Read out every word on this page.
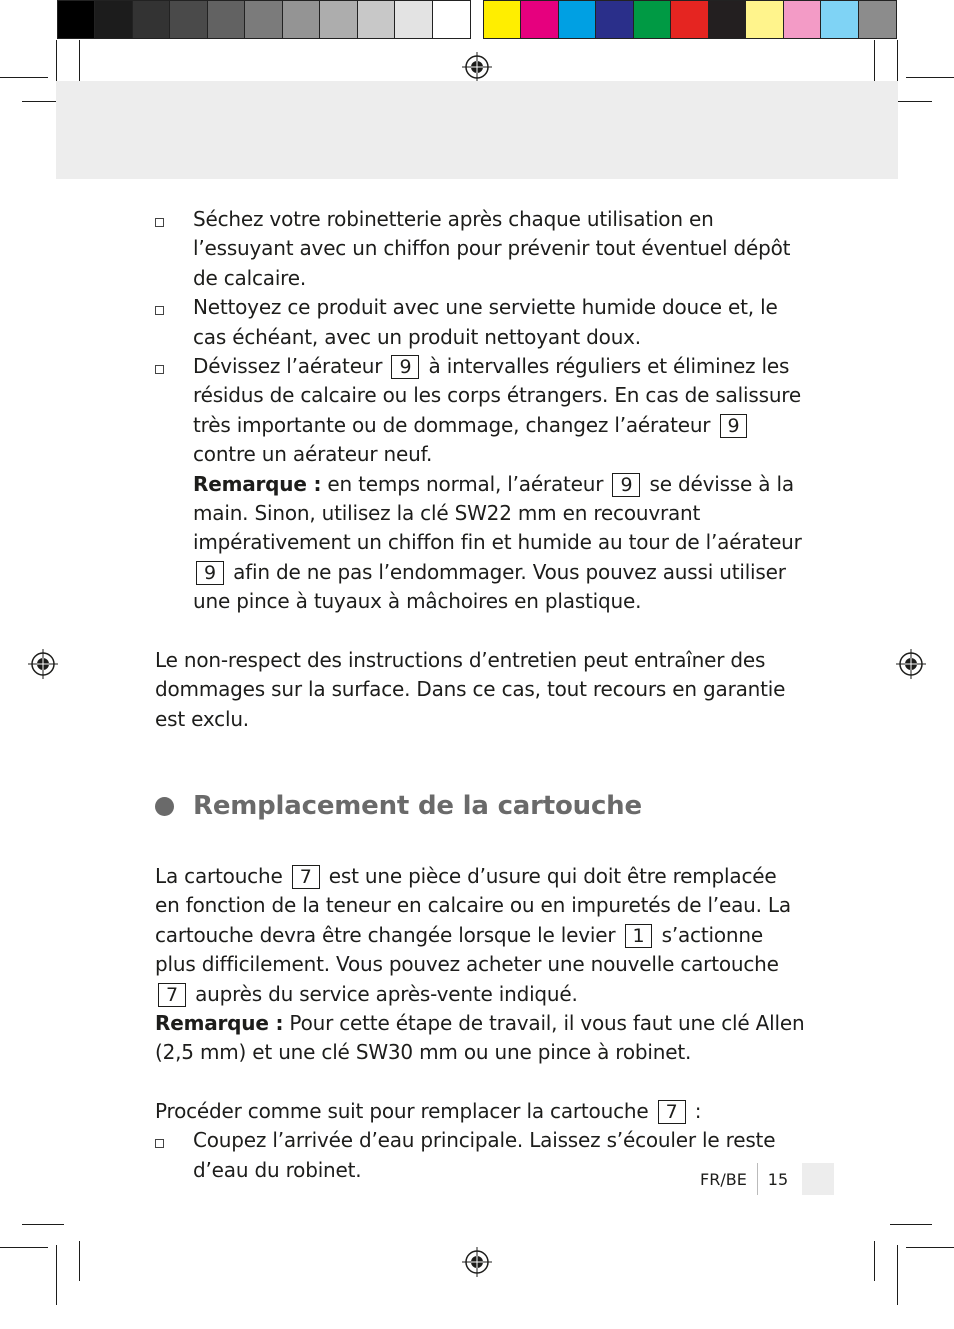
Séchez votre robinetterie après chaque utilisation en l’essuyant avec un chiffon pour prévenir tout éventuel dépôt de calcaire.
Nettoyez ce produit avec une serviette humide douce et, le cas échéant, avec un produit nettoyant doux.
Dévissez l’aérateur 9 à intervalles réguliers et éliminez les résidus de calcaire ou les corps étrangers. En cas de salissure très importante ou de dommage, changez l’aérateur 9 contre un aérateur neuf.
Remarque : en temps normal, l’aérateur 9 se dévisse à la main. Sinon, utilisez la clé SW22 mm en recouvrant impérativement un chiffon fin et humide au tour de l’aérateur 9 afin de ne pas l’endommager. Vous pouvez aussi utiliser une pince à tuyaux à mâchoires en plastique.
Le non-respect des instructions d’entretien peut entraîner des dommages sur la surface. Dans ce cas, tout recours en garantie est exclu.
Remplacement de la cartouche
La cartouche 7 est une pièce d’usure qui doit être remplacée en fonction de la teneur en calcaire ou en impuretés de l’eau. La cartouche devra être changée lorsque le levier 1 s’actionne plus difficilement. Vous pouvez acheter une nouvelle cartouche 7 auprès du service après-vente indiqué.
Remarque : Pour cette étape de travail, il vous faut une clé Allen (2,5 mm) et une clé SW30 mm ou une pince à robinet.
Procéder comme suit pour remplacer la cartouche 7 :
Coupez l’arrivée d’eau principale. Laissez s’écouler le reste d’eau du robinet.	FR/BE 15
